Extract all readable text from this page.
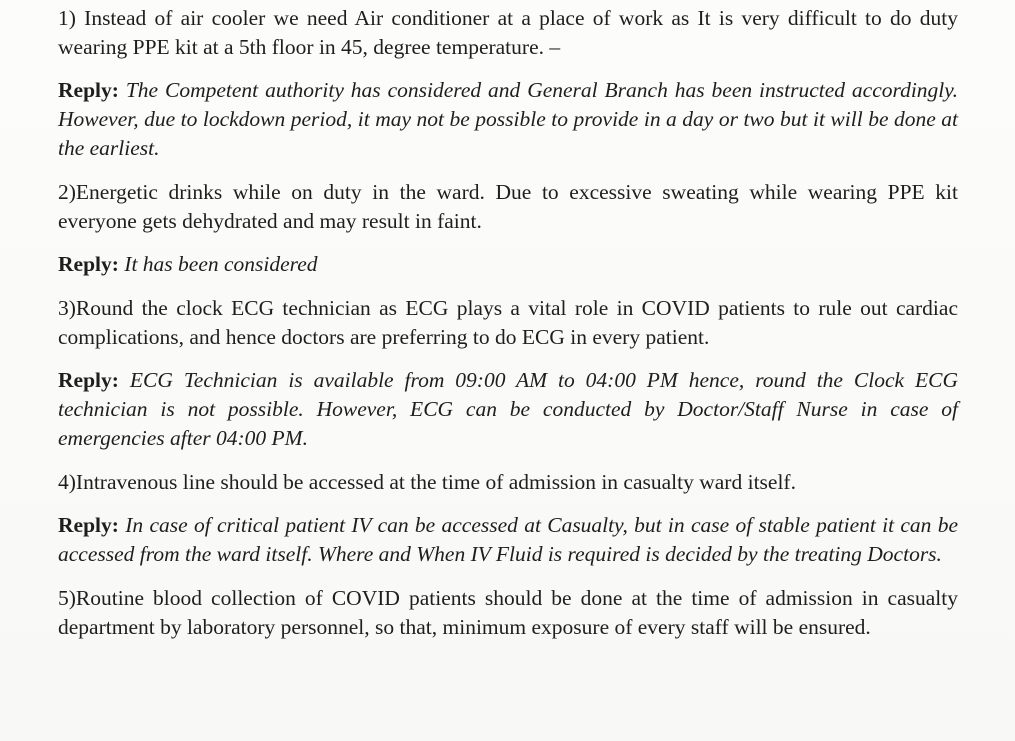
1) Instead of air cooler we need Air conditioner at a place of work as It is very difficult to do duty wearing PPE kit at a 5th floor in 45, degree temperature. –

Reply: The Competent authority has considered and General Branch has been instructed accordingly. However, due to lockdown period, it may not be possible to provide in a day or two but it will be done at the earliest.

2)Energetic drinks while on duty in the ward. Due to excessive sweating while wearing PPE kit everyone gets dehydrated and may result in faint.

Reply: It has been considered

3)Round the clock ECG technician as ECG plays a vital role in COVID patients to rule out cardiac complications, and hence doctors are preferring to do ECG in every patient.

Reply: ECG Technician is available from 09:00 AM to 04:00 PM hence, round the Clock ECG technician is not possible. However, ECG can be conducted by Doctor/Staff Nurse in case of emergencies after 04:00 PM.

4)Intravenous line should be accessed at the time of admission in casualty ward itself.

Reply: In case of critical patient IV can be accessed at Casualty, but in case of stable patient it can be accessed from the ward itself. Where and When IV Fluid is required is decided by the treating Doctors.

5)Routine blood collection of COVID patients should be done at the time of admission in casualty department by laboratory personnel, so that, minimum exposure of every staff will be ensured.
